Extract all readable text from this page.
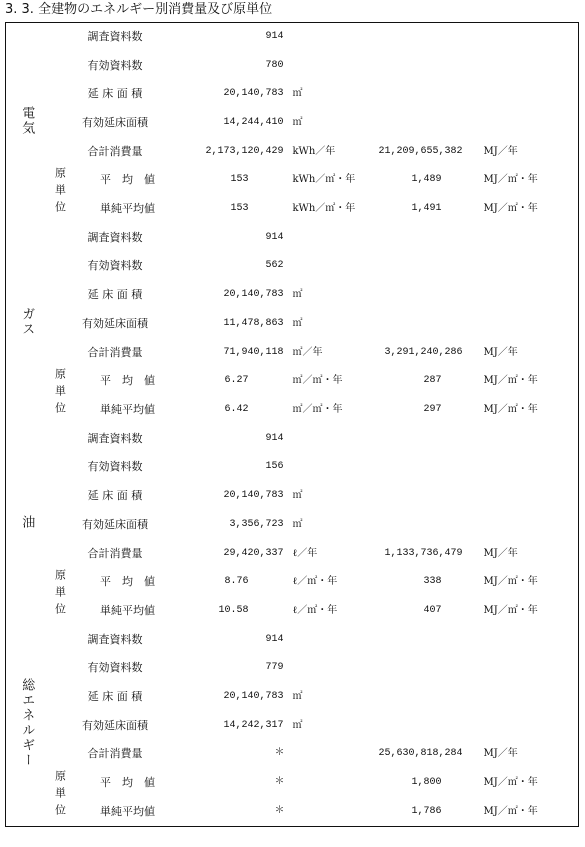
3. 3. 全建物のエネルギー別消費量及び原単位
電気	調査資料数		914	

	有効資料数		780	

	延 床 面 積		20,140,783 ㎡	

	有効延床面積		14,244,410 ㎡	

	合計消費量		2,173,120,429 kWh／年	21,209,655,382 MJ／年

	原単位	平　均　値	153 kWh／㎡・年	1,489 MJ／㎡・年

		単純平均値	153 kWh／㎡・年	1,491 MJ／㎡・年

ガス	調査資料数		914	

	有効資料数		562	

	延 床 面 積		20,140,783 ㎡	

	有効延床面積		11,478,863 ㎡	

	合計消費量		71,940,118 ㎡／年	3,291,240,286 MJ／年

	原単位	平　均　値	6.27 ㎡／㎡・年	287 MJ／㎡・年

		単純平均値	6.42 ㎡／㎡・年	297 MJ／㎡・年

油	調査資料数		914	

	有効資料数		156	

	延 床 面 積		20,140,783 ㎡	

	有効延床面積		3,356,723 ㎡	

	合計消費量		29,420,337 ℓ／年	1,133,736,479 MJ／年

	原単位	平　均　値	8.76 ℓ／㎡・年	338 MJ／㎡・年

		単純平均値	10.58 ℓ／㎡・年	407 MJ／㎡・年

総エネルギー	調査資料数		914	

	有効資料数		779	

	延 床 面 積		20,140,783 ㎡	

	有効延床面積		14,242,317 ㎡	

	合計消費量		＊	25,630,818,284 MJ／年

	原単位	平　均　値	＊	1,800 MJ／㎡・年

		単純平均値	＊	1,786 MJ／㎡・年
